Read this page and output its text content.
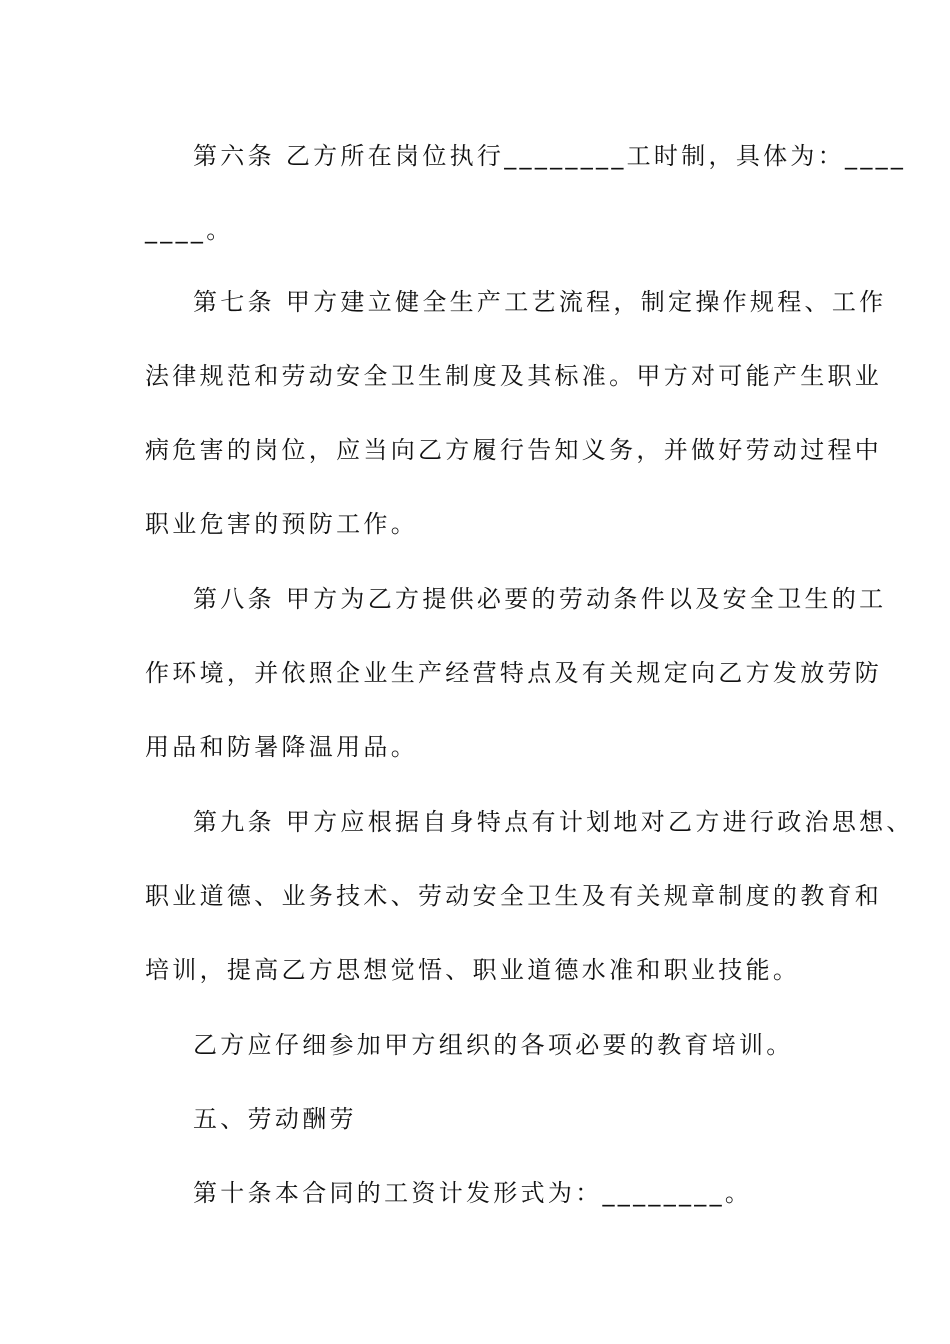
第六条 乙方所在岗位执行________工时制，具体为：____
____。
第七条 甲方建立健全生产工艺流程，制定操作规程、工作
法律规范和劳动安全卫生制度及其标准。甲方对可能产生职业
病危害的岗位，应当向乙方履行告知义务，并做好劳动过程中
职业危害的预防工作。
第八条 甲方为乙方提供必要的劳动条件以及安全卫生的工
作环境，并依照企业生产经营特点及有关规定向乙方发放劳防
用品和防暑降温用品。
第九条 甲方应根据自身特点有计划地对乙方进行政治思想、
职业道德、业务技术、劳动安全卫生及有关规章制度的教育和
培训，提高乙方思想觉悟、职业道德水准和职业技能。
乙方应仔细参加甲方组织的各项必要的教育培训。
五、劳动酬劳
第十条本合同的工资计发形式为：________。
